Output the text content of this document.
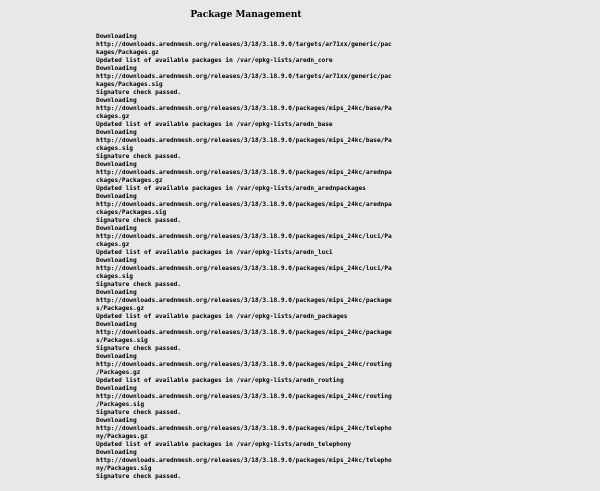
Package Management
Downloading
http://downloads.arednmesh.org/releases/3/18/3.18.9.0/targets/ar71xx/generic/pac
kages/Packages.gz
Updated list of available packages in /var/opkg-lists/aredn_core
Downloading
http://downloads.arednmesh.org/releases/3/18/3.18.9.0/targets/ar71xx/generic/pac
kages/Packages.sig
Signature check passed.
Downloading
http://downloads.arednmesh.org/releases/3/18/3.18.9.0/packages/mips_24kc/base/Pa
ckages.gz
Updated list of available packages in /var/opkg-lists/aredn_base
Downloading
http://downloads.arednmesh.org/releases/3/18/3.18.9.0/packages/mips_24kc/base/Pa
ckages.sig
Signature check passed.
Downloading
http://downloads.arednmesh.org/releases/3/18/3.18.9.0/packages/mips_24kc/arednpa
ckages/Packages.gz
Updated list of available packages in /var/opkg-lists/aredn_arednpackages
Downloading
http://downloads.arednmesh.org/releases/3/18/3.18.9.0/packages/mips_24kc/arednpa
ckages/Packages.sig
Signature check passed.
Downloading
http://downloads.arednmesh.org/releases/3/18/3.18.9.0/packages/mips_24kc/luci/Pa
ckages.gz
Updated list of available packages in /var/opkg-lists/aredn_luci
Downloading
http://downloads.arednmesh.org/releases/3/18/3.18.9.0/packages/mips_24kc/luci/Pa
ckages.sig
Signature check passed.
Downloading
http://downloads.arednmesh.org/releases/3/18/3.18.9.0/packages/mips_24kc/package
s/Packages.gz
Updated list of available packages in /var/opkg-lists/aredn_packages
Downloading
http://downloads.arednmesh.org/releases/3/18/3.18.9.0/packages/mips_24kc/package
s/Packages.sig
Signature check passed.
Downloading
http://downloads.arednmesh.org/releases/3/18/3.18.9.0/packages/mips_24kc/routing
/Packages.gz
Updated list of available packages in /var/opkg-lists/aredn_routing
Downloading
http://downloads.arednmesh.org/releases/3/18/3.18.9.0/packages/mips_24kc/routing
/Packages.sig
Signature check passed.
Downloading
http://downloads.arednmesh.org/releases/3/18/3.18.9.0/packages/mips_24kc/telepho
ny/Packages.gz
Updated list of available packages in /var/opkg-lists/aredn_telephony
Downloading
http://downloads.arednmesh.org/releases/3/18/3.18.9.0/packages/mips_24kc/telepho
ny/Packages.sig
Signature check passed.
